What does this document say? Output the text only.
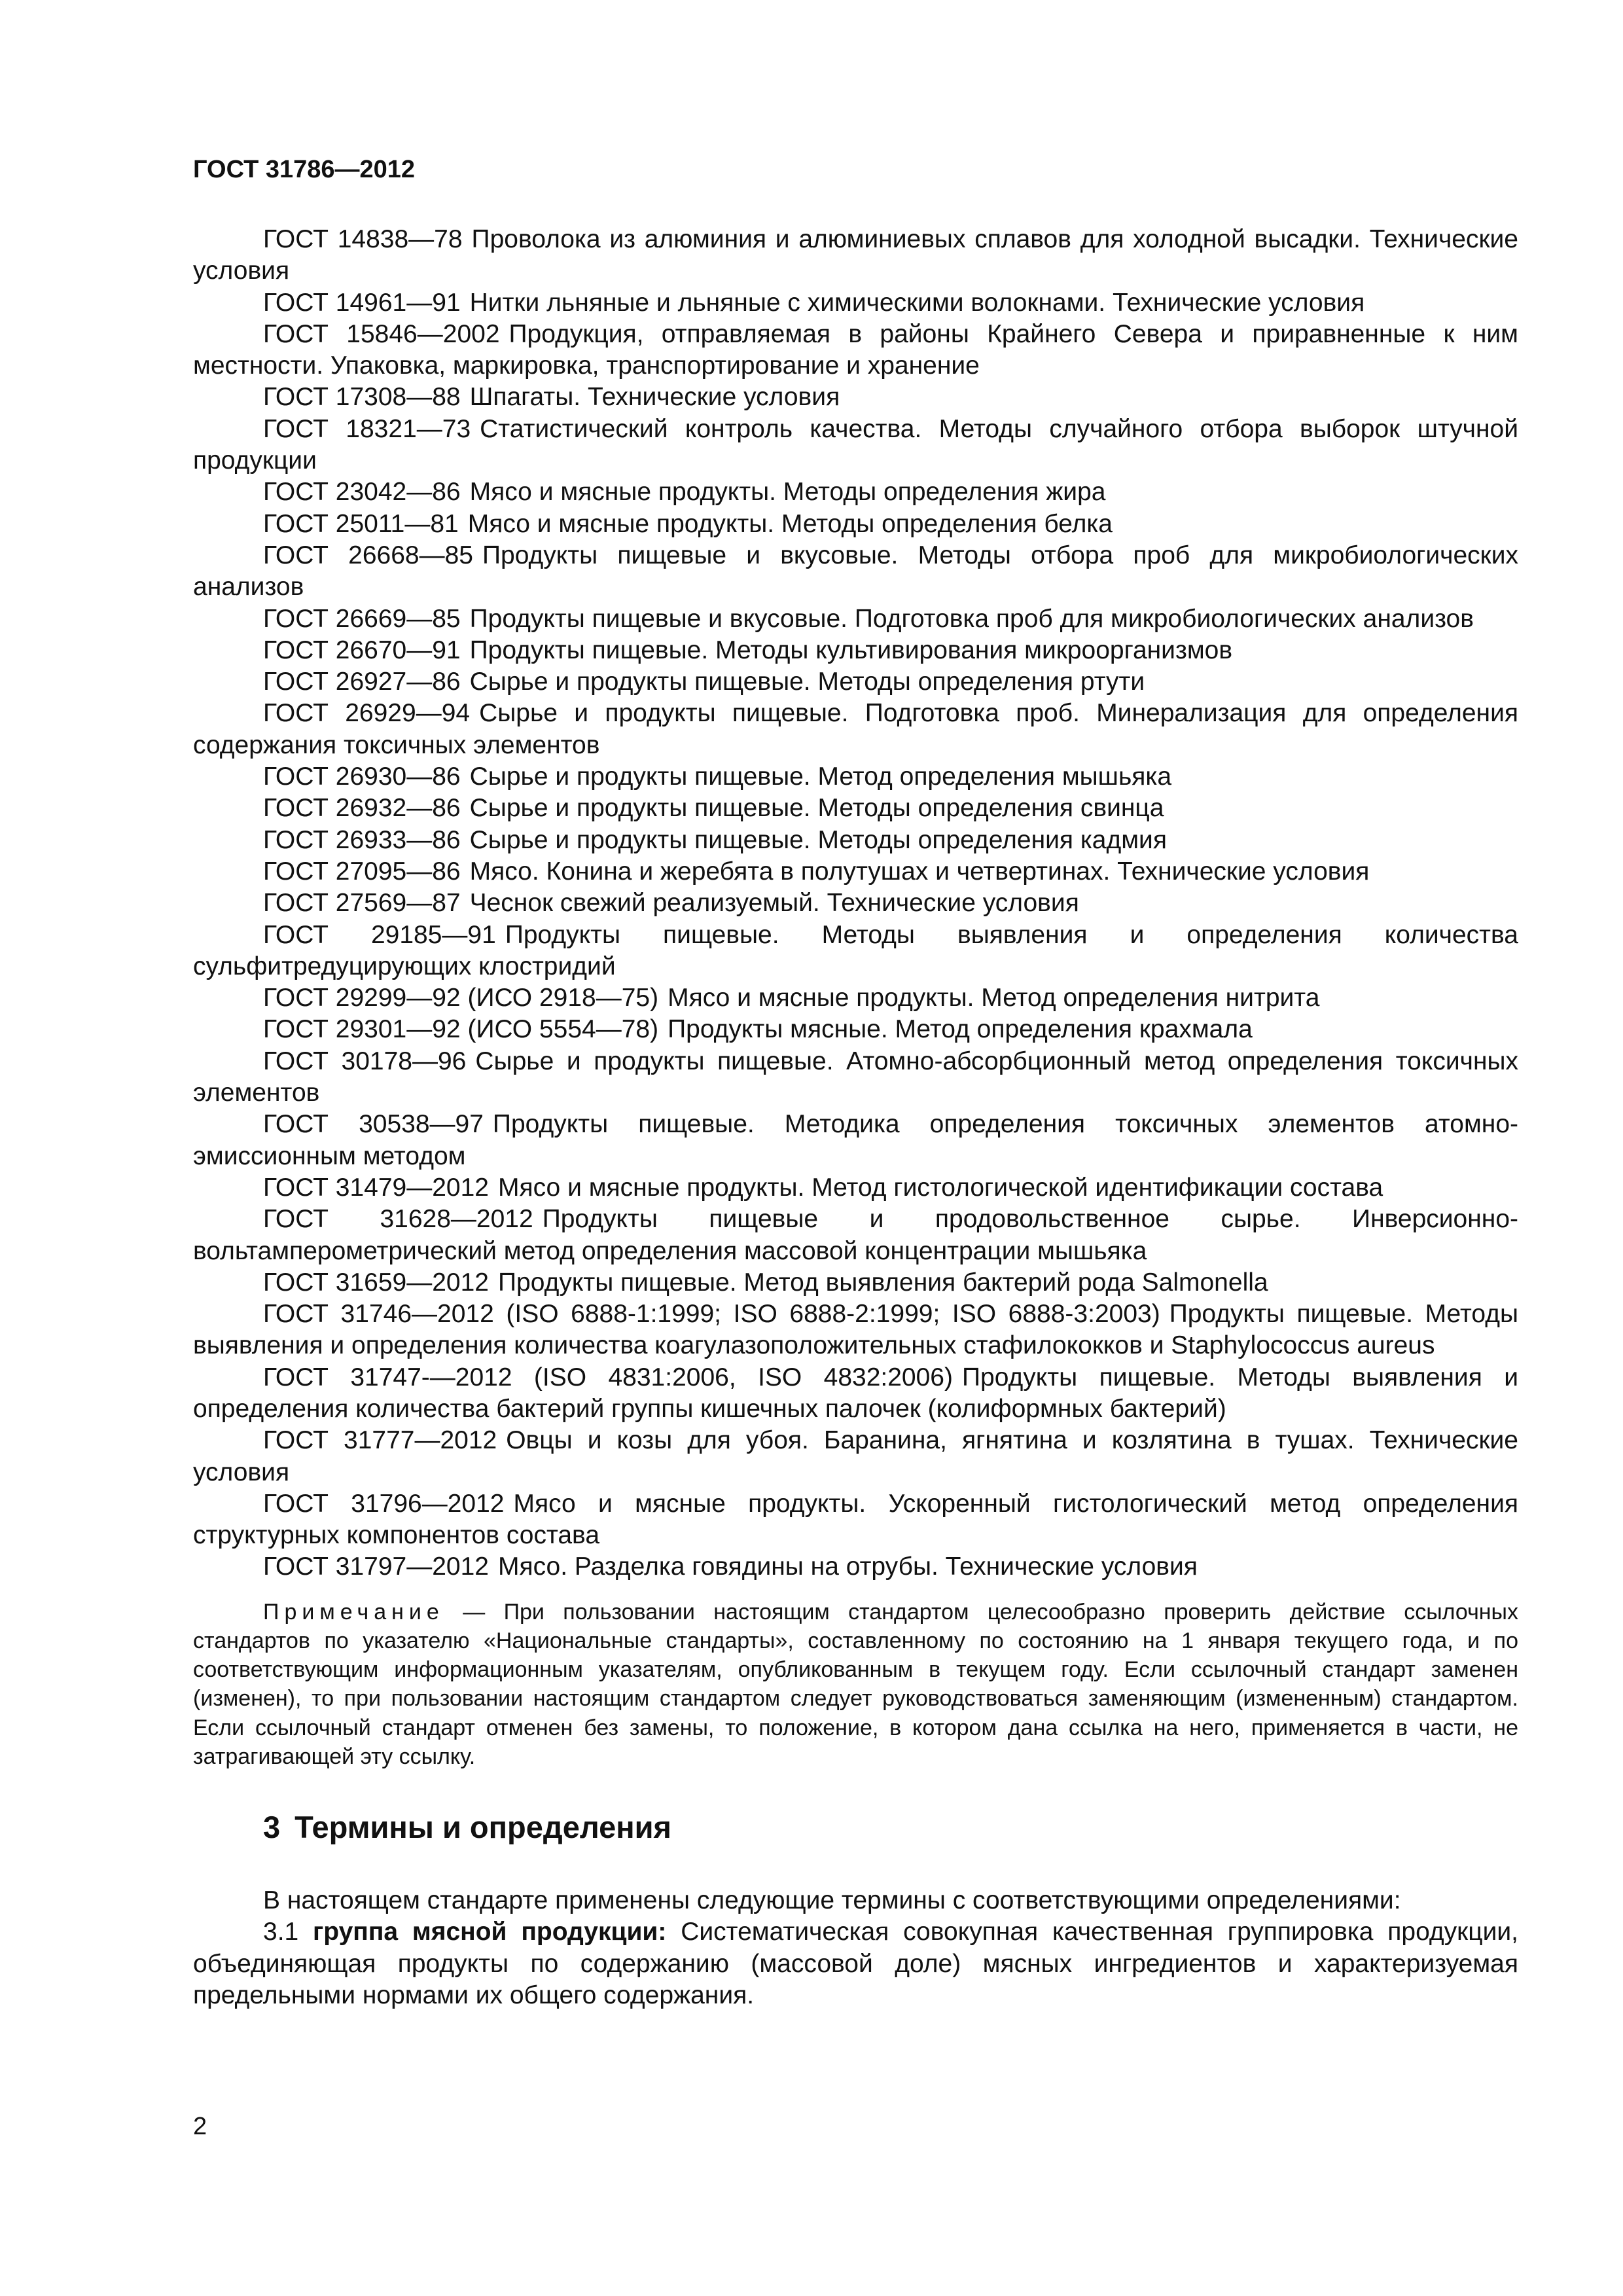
ГОСТ 31786—2012

ГОСТ 14838—78 Проволока из алюминия и алюминиевых сплавов для холодной высадки. Технические условия

ГОСТ 14961—91 Нитки льняные и льняные с химическими волокнами. Технические условия

ГОСТ 15846—2002 Продукция, отправляемая в районы Крайнего Севера и приравненные к ним местности. Упаковка, маркировка, транспортирование и хранение

ГОСТ 17308—88 Шпагаты. Технические условия

ГОСТ 18321—73 Статистический контроль качества. Методы случайного отбора выборок штучной продукции

ГОСТ 23042—86 Мясо и мясные продукты. Методы определения жира

ГОСТ 25011—81 Мясо и мясные продукты. Методы определения белка

ГОСТ 26668—85 Продукты пищевые и вкусовые. Методы отбора проб для микробиологических анализов

ГОСТ 26669—85 Продукты пищевые и вкусовые. Подготовка проб для микробиологических анализов

ГОСТ 26670—91 Продукты пищевые. Методы культивирования микроорганизмов

ГОСТ 26927—86 Сырье и продукты пищевые. Методы определения ртути

ГОСТ 26929—94 Сырье и продукты пищевые. Подготовка проб. Минерализация для определения содержания токсичных элементов

ГОСТ 26930—86 Сырье и продукты пищевые. Метод определения мышьяка

ГОСТ 26932—86 Сырье и продукты пищевые. Методы определения свинца

ГОСТ 26933—86 Сырье и продукты пищевые. Методы определения кадмия

ГОСТ 27095—86 Мясо. Конина и жеребята в полутушах и четвертинах. Технические условия

ГОСТ 27569—87 Чеснок свежий реализуемый. Технические условия

ГОСТ 29185—91 Продукты пищевые. Методы выявления и определения количества сульфитредуцирующих клостридий

ГОСТ 29299—92 (ИСО 2918—75) Мясо и мясные продукты. Метод определения нитрита

ГОСТ 29301—92 (ИСО 5554—78) Продукты мясные. Метод определения крахмала

ГОСТ 30178—96 Сырье и продукты пищевые. Атомно-абсорбционный метод определения токсичных элементов

ГОСТ 30538—97 Продукты пищевые. Методика определения токсичных элементов атомно-эмиссионным методом

ГОСТ 31479—2012 Мясо и мясные продукты. Метод гистологической идентификации состава

ГОСТ 31628—2012 Продукты пищевые и продовольственное сырье. Инверсионно-вольтамперометрический метод определения массовой концентрации мышьяка

ГОСТ 31659—2012 Продукты пищевые. Метод выявления бактерий рода Salmonella

ГОСТ 31746—2012 (ISO 6888-1:1999; ISO 6888-2:1999; ISO 6888-3:2003) Продукты пищевые. Методы выявления и определения количества коагулазоположительных стафилококков и Staphylococcus aureus

ГОСТ 31747-—2012 (ISO 4831:2006, ISO 4832:2006) Продукты пищевые. Методы выявления и определения количества бактерий группы кишечных палочек (колиформных бактерий)

ГОСТ 31777—2012 Овцы и козы для убоя. Баранина, ягнятина и козлятина в тушах. Технические условия

ГОСТ 31796—2012 Мясо и мясные продукты. Ускоренный гистологический метод определения структурных компонентов состава

ГОСТ 31797—2012 Мясо. Разделка говядины на отрубы. Технические условия

Примечание — При пользовании настоящим стандартом целесообразно проверить действие ссылочных стандартов по указателю «Национальные стандарты», составленному по состоянию на 1 января текущего года, и по соответствующим информационным указателям, опубликованным в текущем году. Если ссылочный стандарт заменен (изменен), то при пользовании настоящим стандартом следует руководствоваться заменяющим (измененным) стандартом. Если ссылочный стандарт отменен без замены, то положение, в котором дана ссылка на него, применяется в части, не затрагивающей эту ссылку.

3 Термины и определения

В настоящем стандарте применены следующие термины с соответствующими определениями:

3.1 группа мясной продукции: Систематическая совокупная качественная группировка продукции, объединяющая продукты по содержанию (массовой доле) мясных ингредиентов и характеризуемая предельными нормами их общего содержания.

2
